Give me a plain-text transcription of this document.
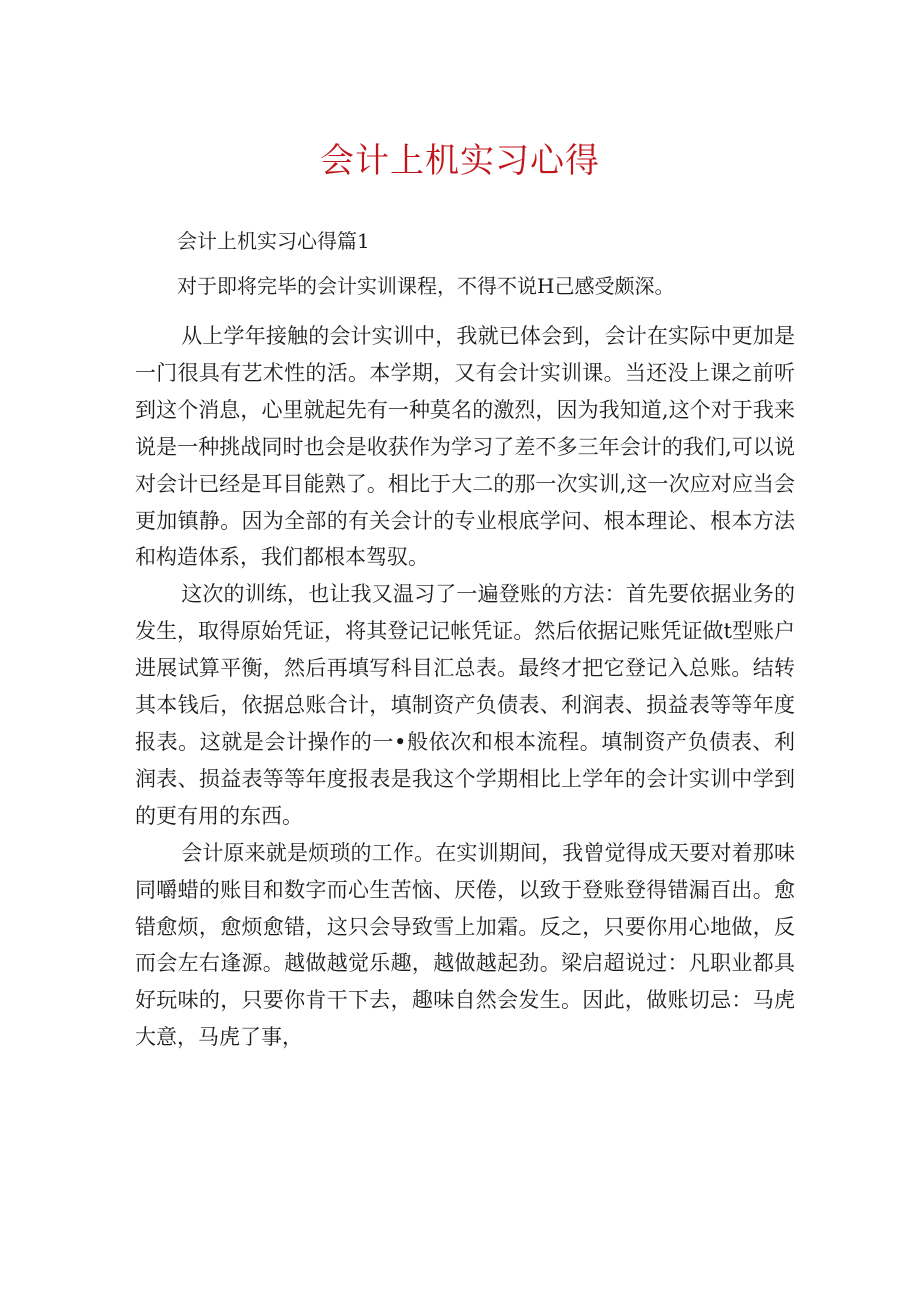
会计上机实习心得
会计上机实习心得篇1
对于即将完毕的会计实训课程，不得不说H己感受颇深。

从上学年接触的会计实训中，我就已体会到，会计在实际中更加是一门很具有艺术性的活。本学期，又有会计实训课。当还没上课之前听到这个消息，心里就起先有一种莫名的激烈，因为我知道,这个对于我来说是一种挑战同时也会是收获作为学习了差不多三年会计的我们,可以说对会计已经是耳目能熟了。相比于大二的那一次实训,这一次应对应当会更加镇静。因为全部的有关会计的专业根底学问、根本理论、根本方法和构造体系，我们都根本驾驭。

这次的训练，也让我又温习了一遍登账的方法：首先要依据业务的发生，取得原始凭证，将其登记记帐凭证。然后依据记账凭证做t型账户进展试算平衡，然后再填写科目汇总表。最终才把它登记入总账。结转其本钱后，依据总账合计，填制资产负债表、利润表、损益表等等年度报表。这就是会计操作的一•般依次和根本流程。填制资产负债表、利润表、损益表等等年度报表是我这个学期相比上学年的会计实训中学到的更有用的东西。

会计原来就是烦琐的工作。在实训期间，我曾觉得成天要对着那味同嚼蜡的账目和数字而心生苦恼、厌倦，以致于登账登得错漏百出。愈错愈烦，愈烦愈错，这只会导致雪上加霜。反之，只要你用心地做，反而会左右逢源。越做越觉乐趣，越做越起劲。梁启超说过：凡职业都具好玩味的，只要你肯干下去，趣味自然会发生。因此，做账切忌：马虎大意，马虎了事，
